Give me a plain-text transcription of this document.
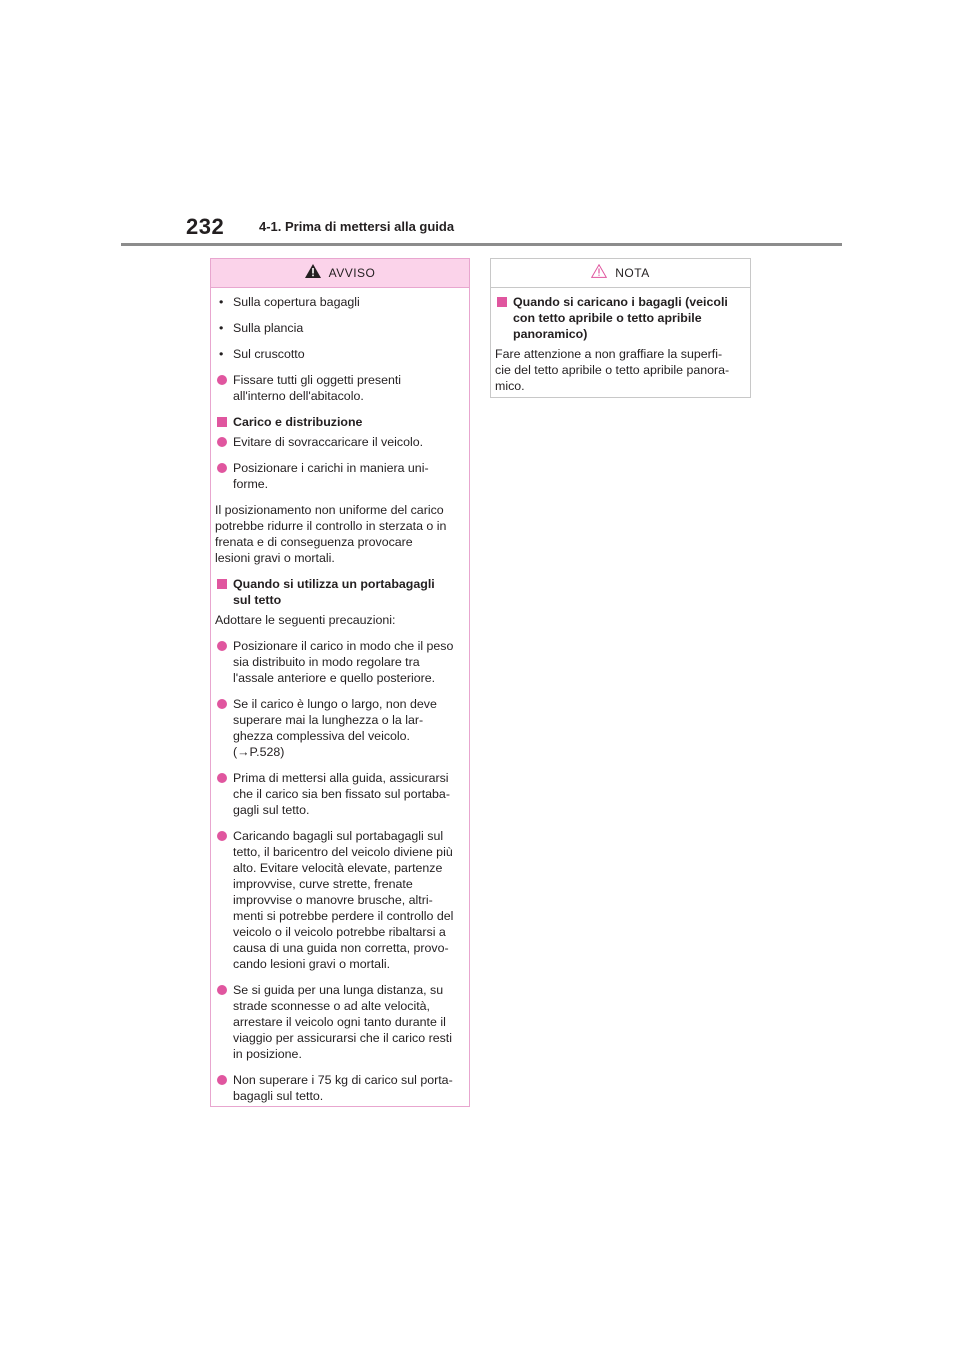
232	4-1. Prima di mettersi alla guida
AVVISO
• Sulla copertura bagagli
• Sulla plancia
• Sul cruscotto
Fissare tutti gli oggetti presenti
all'interno dell'abitacolo.
Carico e distribuzione
Evitare di sovraccaricare il veicolo.
Posizionare i carichi in maniera uni-
forme.
Il posizionamento non uniforme del carico
potrebbe ridurre il controllo in sterzata o in
frenata e di conseguenza provocare
lesioni gravi o mortali.
Quando si utilizza un portabagagli
sul tetto
Adottare le seguenti precauzioni:
Posizionare il carico in modo che il peso
sia distribuito in modo regolare tra
l'assale anteriore e quello posteriore.
Se il carico è lungo o largo, non deve
superare mai la lunghezza o la lar-
ghezza complessiva del veicolo.
(→P.528)
Prima di mettersi alla guida, assicurarsi
che il carico sia ben fissato sul portaba-
gagli sul tetto.
Caricando bagagli sul portabagagli sul
tetto, il baricentro del veicolo diviene più
alto. Evitare velocità elevate, partenze
improvvise, curve strette, frenate
improvvise o manovre brusche, altri-
menti si potrebbe perdere il controllo del
veicolo o il veicolo potrebbe ribaltarsi a
causa di una guida non corretta, provo-
cando lesioni gravi o mortali.
Se si guida per una lunga distanza, su
strade sconnesse o ad alte velocità,
arrestare il veicolo ogni tanto durante il
viaggio per assicurarsi che il carico resti
in posizione.
Non superare i 75 kg di carico sul porta-
bagagli sul tetto.
NOTA
Quando si caricano i bagagli (veicoli
con tetto apribile o tetto apribile
panoramico)
Fare attenzione a non graffiare la superfi-
cie del tetto apribile o tetto apribile panora-
mico.
